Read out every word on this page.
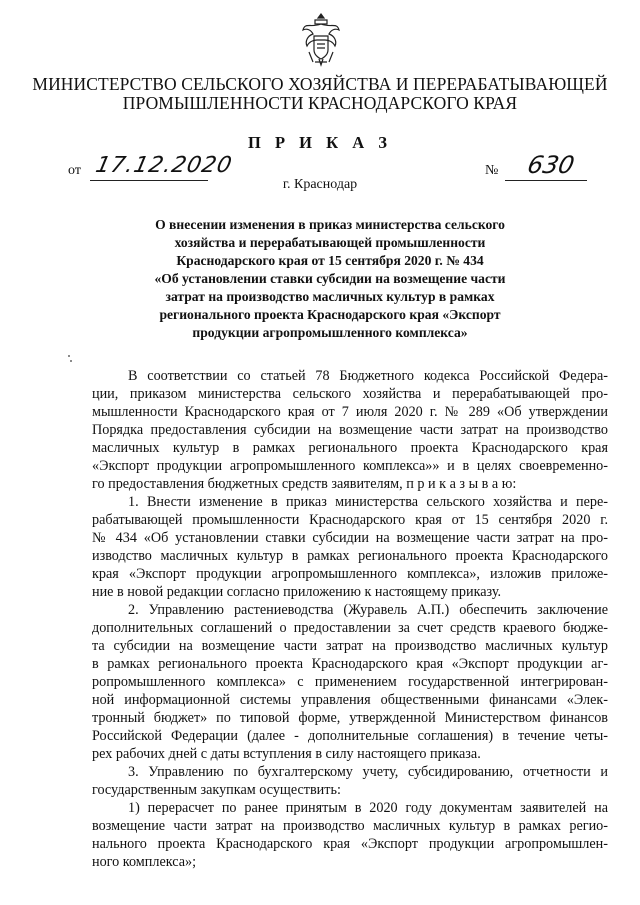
МИНИСТЕРСТВО СЕЛЬСКОГО ХОЗЯЙСТВА И ПЕРЕРАБАТЫВАЮЩЕЙ
ПРОМЫШЛЕННОСТИ КРАСНОДАРСКОГО КРАЯ
П Р И К А З
от 17.12.2020	№ 630
г. Краснодар
О внесении изменения в приказ министерства сельского
хозяйства и перерабатывающей промышленности
Краснодарского края от 15 сентября 2020 г. № 434
«Об установлении ставки субсидии на возмещение части
затрат на производство масличных культур в рамках
регионального проекта Краснодарского края «Экспорт
продукции агропромышленного комплекса»
В соответствии со статьей 78 Бюджетного кодекса Российской Федера-
ции, приказом министерства сельского хозяйства и перерабатывающей про-
мышленности Краснодарского края от 7 июля 2020 г. № 289 «Об утверждении
Порядка предоставления субсидии на возмещение части затрат на производство
масличных культур в рамках регионального проекта Краснодарского края
«Экспорт продукции агропромышленного комплекса»» и в целях своевременно-
го предоставления бюджетных средств заявителям, п р и к а з ы в а ю:
1. Внести изменение в приказ министерства сельского хозяйства и пере-
рабатывающей промышленности Краснодарского края от 15 сентября 2020 г.
№ 434 «Об установлении ставки субсидии на возмещение части затрат на про-
изводство масличных культур в рамках регионального проекта Краснодарского
края «Экспорт продукции агропромышленного комплекса», изложив приложе-
ние в новой редакции согласно приложению к настоящему приказу.
2. Управлению растениеводства (Журавель А.П.) обеспечить заключение
дополнительных соглашений о предоставлении за счет средств краевого бюдже-
та субсидии на возмещение части затрат на производство масличных культур
в рамках регионального проекта Краснодарского края «Экспорт продукции аг-
ропромышленного комплекса» с применением государственной интегрирован-
ной информационной системы управления общественными финансами «Элек-
тронный бюджет» по типовой форме, утвержденной Министерством финансов
Российской Федерации (далее - дополнительные соглашения) в течение четы-
рех рабочих дней с даты вступления в силу настоящего приказа.
3. Управлению по бухгалтерскому учету, субсидированию, отчетности и
государственным закупкам осуществить:
1) перерасчет по ранее принятым в 2020 году документам заявителей на
возмещение части затрат на производство масличных культур в рамках регио-
нального проекта Краснодарского края «Экспорт продукции агропромышлен-
ного комплекса»;
